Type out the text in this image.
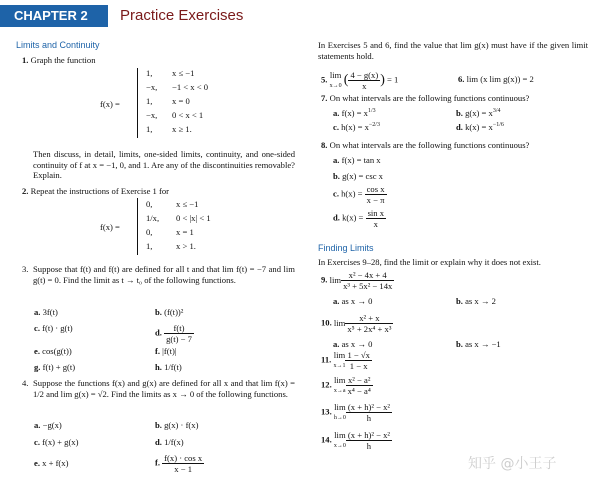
CHAPTER 2	Practice Exercises
Limits and Continuity
1. Graph the function
f(x) =
1, x ≤ −1
−x, −1 < x < 0
1, x = 0
−x, 0 < x < 1
1, x ≥ 1.
Then discuss, in detail, limits, one-sided limits, continuity, and one-sided continuity of f at x = −1, 0, and 1. Are any of the discontinuities removable? Explain.
2. Repeat the instructions of Exercise 1 for
f(x) =
0,	x ≤ −1
1/x, 0 < |x| < 1
0,	x = 1
1,	x > 1.
3. Suppose that f(t) and f(t) are defined for all t and that lim f(t) = −7 and lim g(t) = 0. Find the limit as t → t₀ of the following functions.
a. 3f(t)	b. (f(t))²
c. f(t) · g(t)	d. $\frac{f(t)}{g(t) - 7}$
e. cos(g(t))	f. |f(t)|
g. f(t) + g(t)	h. 1/f(t)
4. Suppose the functions f(x) and g(x) are defined for all x and that lim f(x) = 1/2 and lim g(x) = √2. Find the limits as x → 0 of the following functions.
a. −g(x)	b. g(x) · f(x)
c. f(x) + g(x)	d. 1/f(x)
e. x + f(x)	f. $\frac{\text{f(x) · cos x}}{x - 1}$
In Exercises 5 and 6, find the value that lim g(x) must have if the given limit statements hold.
5. lim
x→0 ( $\frac{4 - g(x)}{x}$ ) = 1	6. lim (x lim g(x)) = 2
7. On what intervals are the following functions continuous?
a. $f(x) = x^{1/3}$	b. $g(x) = x^{3/4}$
c. $h(x) = x^{-2/3}$	d. $k(x) = x^{-1/6}$
8. On what intervals are the following functions continuous?
a. f(x) = tan x
b. g(x) = csc x
c. $h(x) = \frac{\text{cos x}}{x - \pi}$
d. $k(x) = \frac{\text{sin x}}{x}$
Finding Limits
In Exercises 9–28, find the limit or explain why it does not exist.
9. $\lim \frac{\text{x² − 4x + 4}}{\text{x³ + 5x² − 14x}}$
a. as x → 0	b. as x → 2
10. $\lim \frac{\text{x² + x}}{\text{x⁵ + 2x⁴ + x³}}$
a. as x → 0	b. as x → −1
11. lim
$x\to 1 \frac{1 - √x}{1 - x}$
12. lim
$x\to a \frac{\text{x² − a²}}{\text{x⁴ − a⁴}}$
13. lim
$h\to 0 \frac{\text{(x + h)² − x²}}{h}$
14. lim
$x\to 0 \frac{\text{(x + h)² − x²}}{h}$
知乎 @小王子
